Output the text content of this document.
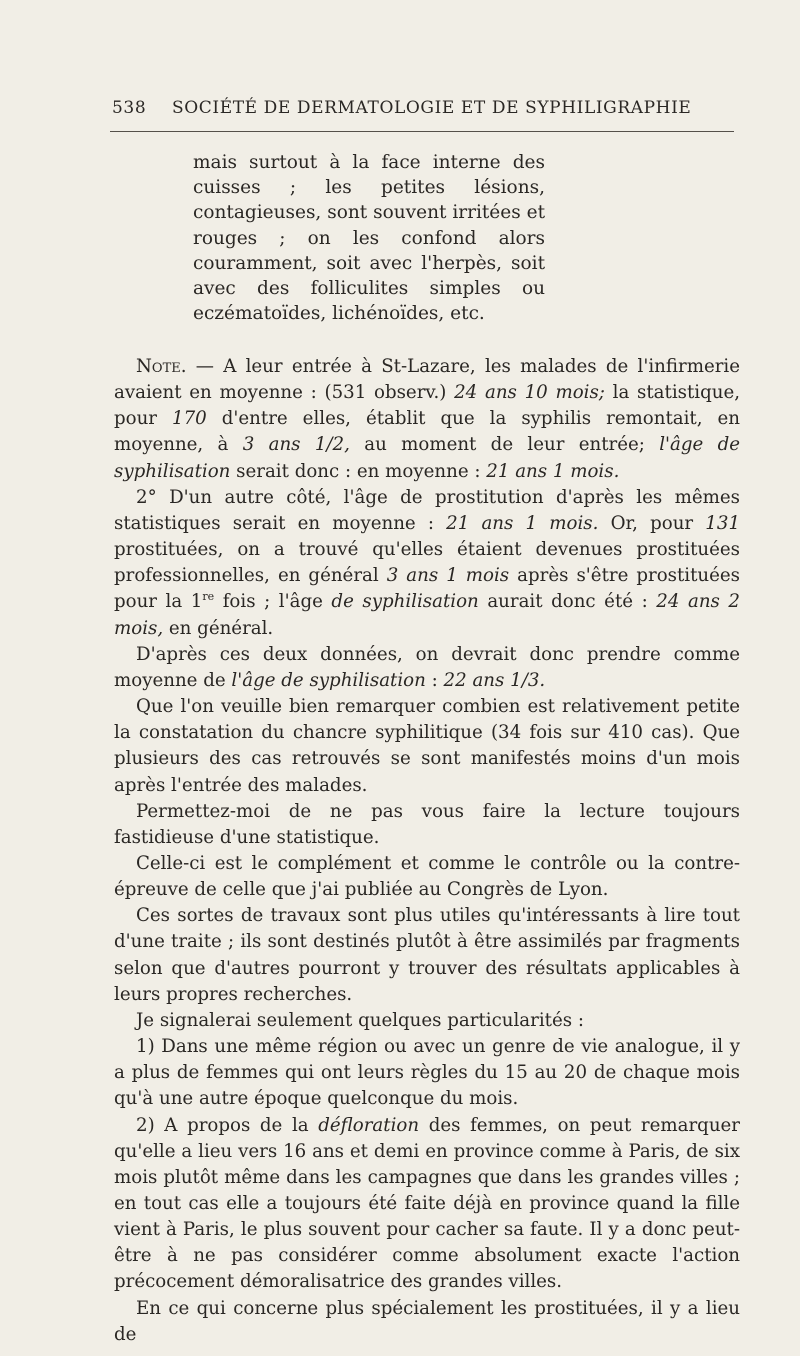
538 SOCIÉTÉ DE DERMATOLOGIE ET DE SYPHILIGRAPHIE
mais surtout à la face interne des cuisses ; les petites lésions, contagieuses, sont souvent irritées et rouges ; on les confond alors couramment, soit avec l'herpès, soit avec des folliculites simples ou eczématoïdes, lichénoïdes, etc.

Note. — A leur entrée à St-Lazare, les malades de l'infirmerie avaient en moyenne : (531 observ.) 24 ans 10 mois; la statistique, pour 170 d'entre elles, établit que la syphilis remontait, en moyenne, à 3 ans 1/2, au moment de leur entrée; l'âge de syphilisation serait donc : en moyenne : 21 ans 1 mois.

2° D'un autre côté, l'âge de prostitution d'après les mêmes statistiques serait en moyenne : 21 ans 1 mois. Or, pour 131 prostituées, on a trouvé qu'elles étaient devenues prostituées professionnelles, en général 3 ans 1 mois après s'être prostituées pour la 1re fois ; l'âge de syphilisation aurait donc été : 24 ans 2 mois, en général.

D'après ces deux données, on devrait donc prendre comme moyenne de l'âge de syphilisation : 22 ans 1/3.

Que l'on veuille bien remarquer combien est relativement petite la constatation du chancre syphilitique (34 fois sur 410 cas). Que plusieurs des cas retrouvés se sont manifestés moins d'un mois après l'entrée des malades.

Permettez-moi de ne pas vous faire la lecture toujours fastidieuse d'une statistique.

Celle-ci est le complément et comme le contrôle ou la contre-épreuve de celle que j'ai publiée au Congrès de Lyon.

Ces sortes de travaux sont plus utiles qu'intéressants à lire tout d'une traite ; ils sont destinés plutôt à être assimilés par fragments selon que d'autres pourront y trouver des résultats applicables à leurs propres recherches.

Je signalerai seulement quelques particularités :

1) Dans une même région ou avec un genre de vie analogue, il y a plus de femmes qui ont leurs règles du 15 au 20 de chaque mois qu'à une autre époque quelconque du mois.

2) A propos de la défloration des femmes, on peut remarquer qu'elle a lieu vers 16 ans et demi en province comme à Paris, de six mois plutôt même dans les campagnes que dans les grandes villes ; en tout cas elle a toujours été faite déjà en province quand la fille vient à Paris, le plus souvent pour cacher sa faute. Il y a donc peut-être à ne pas considérer comme absolument exacte l'action précocement démoralisatrice des grandes villes.

En ce qui concerne plus spécialement les prostituées, il y a lieu de
